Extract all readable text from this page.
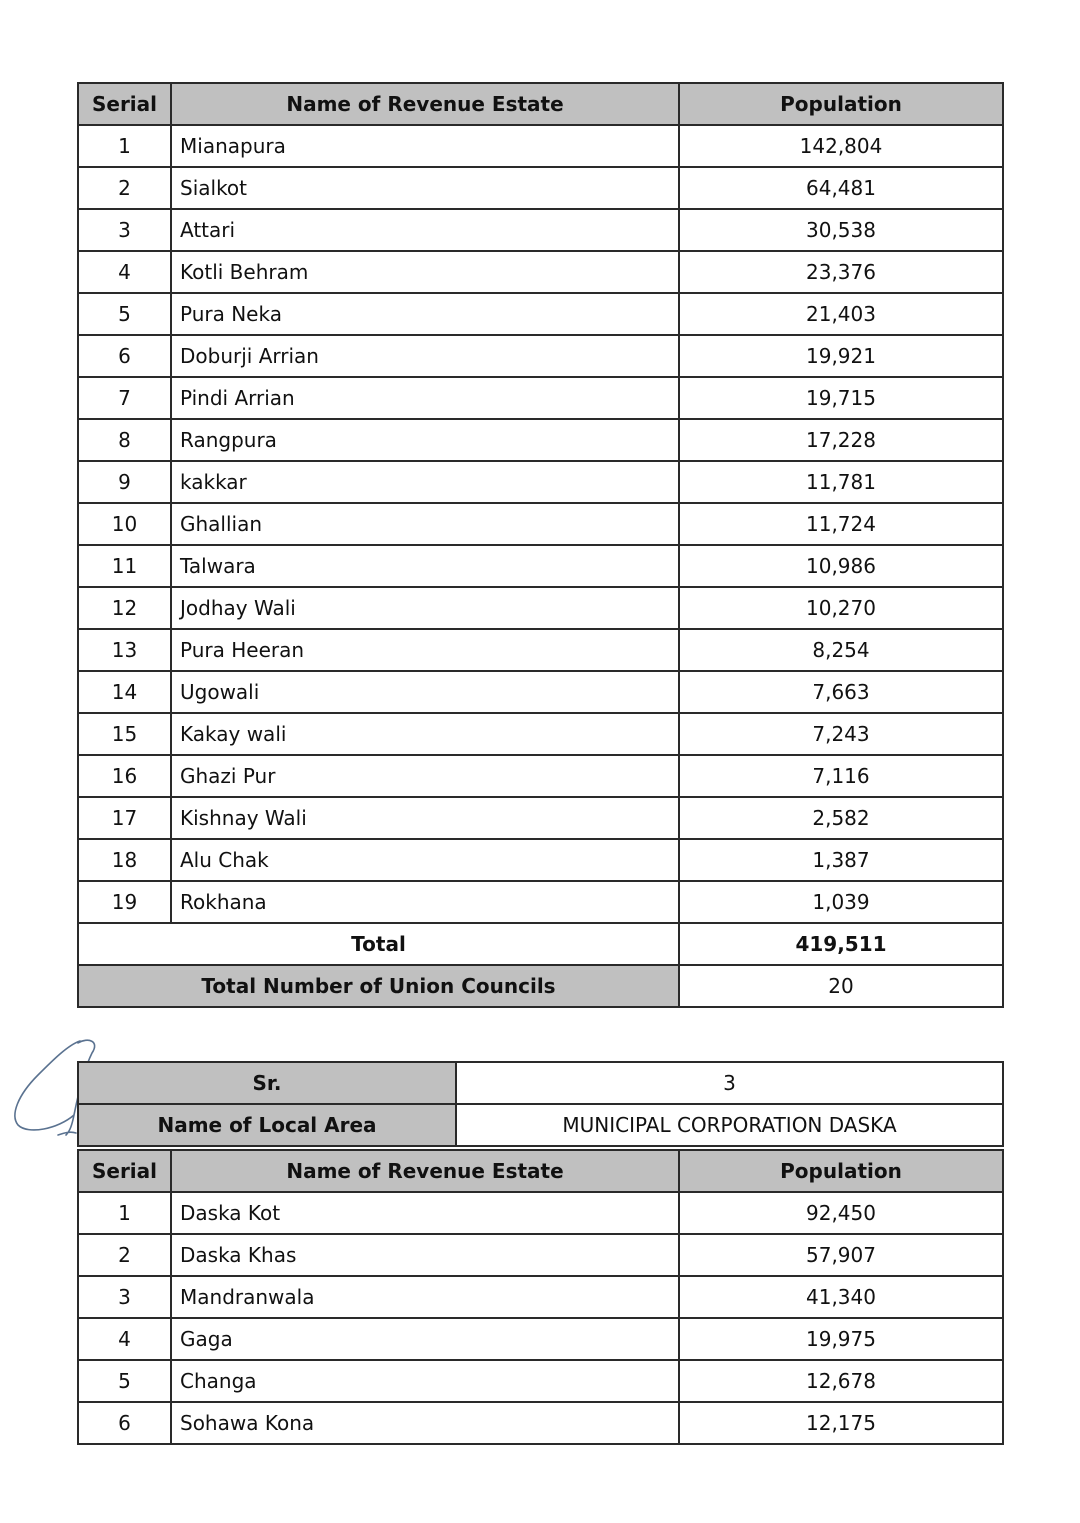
Serial	Name of Revenue Estate	Population
1	Mianapura	142,804
2	Sialkot	64,481
3	Attari	30,538
4	Kotli Behram	23,376
5	Pura Neka	21,403
6	Doburji Arrian	19,921
7	Pindi Arrian	19,715
8	Rangpura	17,228
9	kakkar	11,781
10	Ghallian	11,724
11	Talwara	10,986
12	Jodhay Wali	10,270
13	Pura Heeran	8,254
14	Ugowali	7,663
15	Kakay wali	7,243
16	Ghazi Pur	7,116
17	Kishnay Wali	2,582
18	Alu Chak	1,387
19	Rokhana	1,039
Total		419,511
Total Number of Union Councils		20
Sr.	3
Name of Local Area	MUNICIPAL CORPORATION DASKA
Serial	Name of Revenue Estate	Population
1	Daska Kot	92,450
2	Daska Khas	57,907
3	Mandranwala	41,340
4	Gaga	19,975
5	Changa	12,678
6	Sohawa Kona	12,175
